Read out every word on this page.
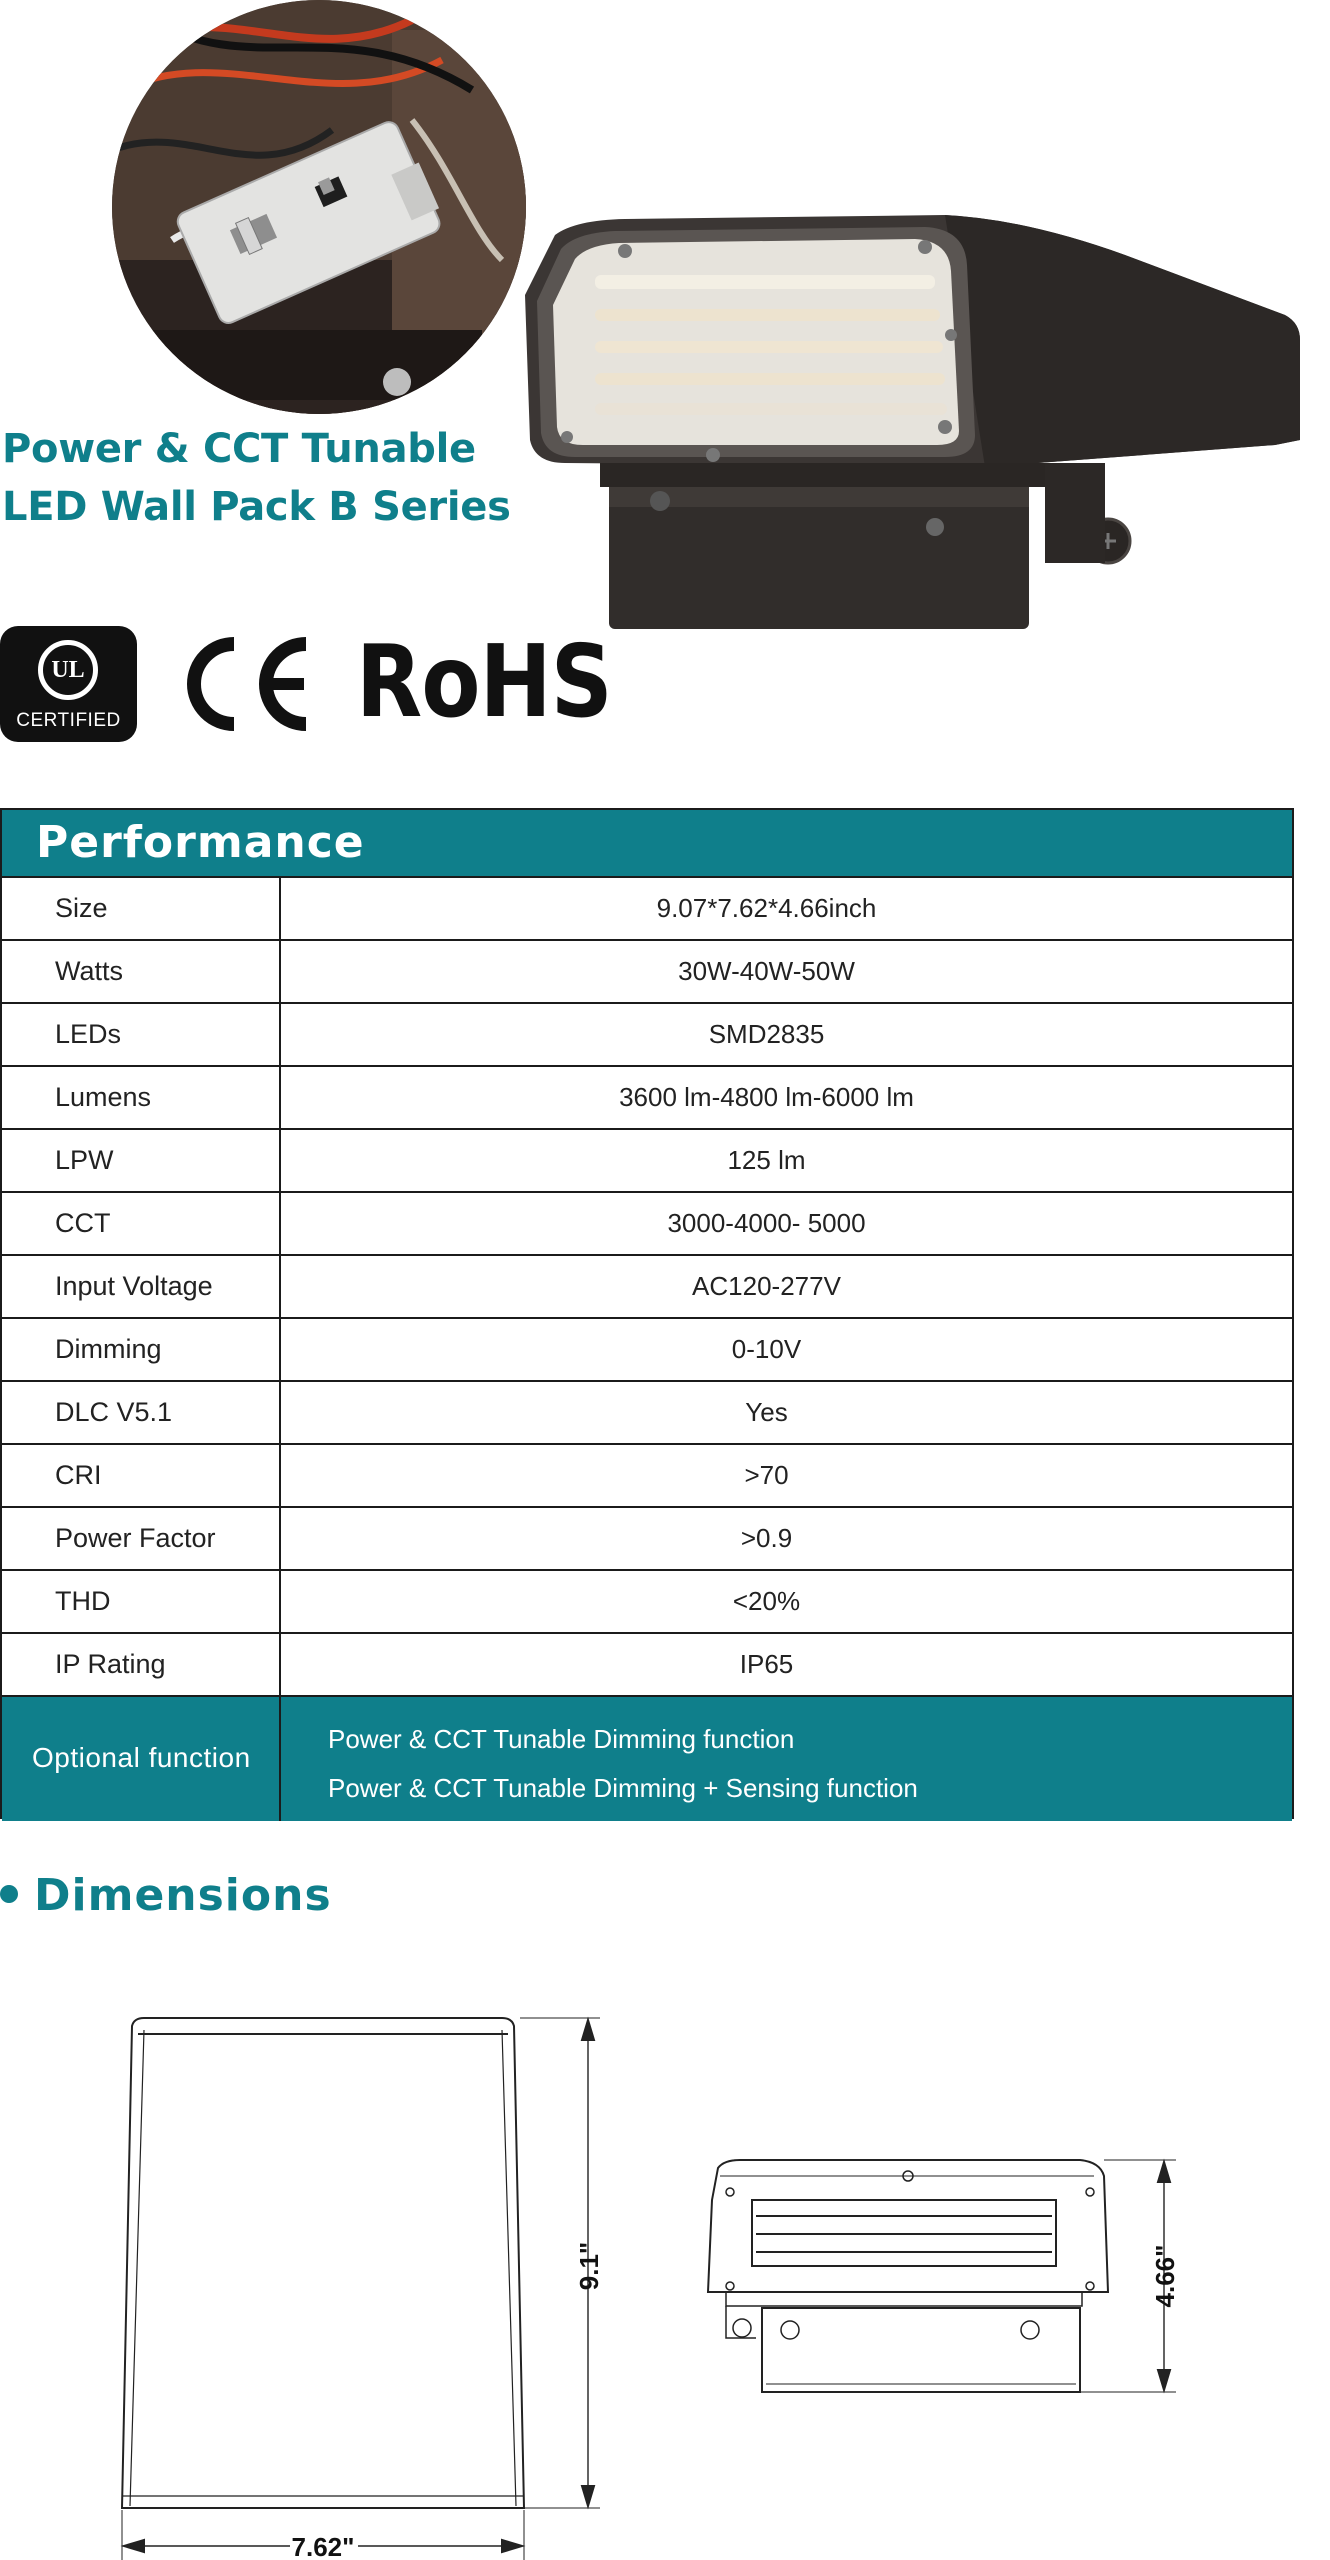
Power & CCT Tunable
LED Wall Pack B Series
UL
CERTIFIED RoHS
Performance
Size	9.07*7.62*4.66inch
Watts	30W-40W-50W
LEDs	SMD2835
Lumens	3600 lm-4800 lm-6000 lm
LPW	125 lm
CCT	3000-4000- 5000
Input Voltage	AC120-277V
Dimming	0-10V
DLC V5.1	Yes
CRI	>70
Power Factor	>0.9
THD	<20%
IP Rating	IP65
Optional function
Power & CCT Tunable Dimming function
Power & CCT Tunable Dimming + Sensing function
Dimensions
9.1"
7.62"
4.66"
